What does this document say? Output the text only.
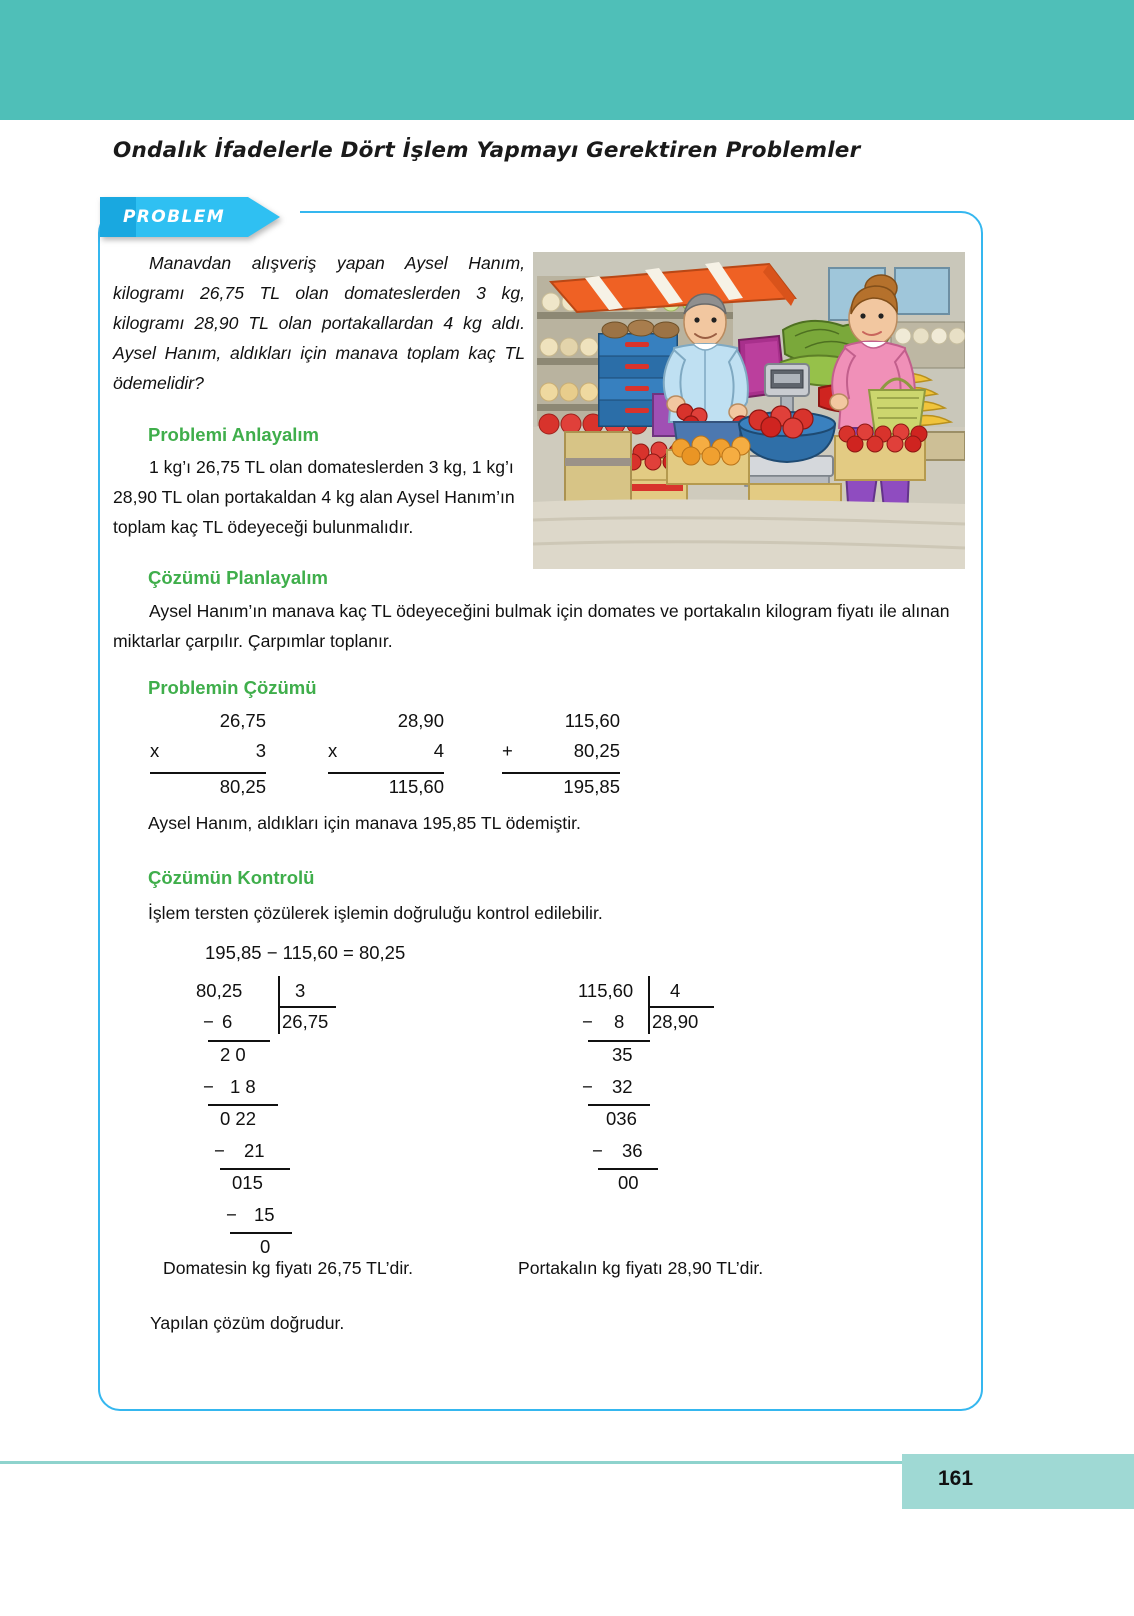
Ondalık İfadelerle Dört İşlem Yapmayı Gerektiren Problemler
PROBLEM

Manavdan alışveriş yapan Aysel Hanım, kilogramı 26,75 TL olan domateslerden 3 kg, kilogramı 28,90 TL olan portakallardan 4 kg aldı. Aysel Hanım, aldıkları için manava toplam kaç TL ödemelidir?

Problemi Anlayalım

1 kg’ı 26,75 TL olan domateslerden 3 kg, 1 kg’ı 28,90 TL olan portakaldan 4 kg alan Aysel Hanım’ın toplam kaç TL ödeyeceği bulunmalıdır.

Çözümü Planlayalım

Aysel Hanım’ın manava kaç TL ödeyeceğini bulmak için domates ve portakalın kilogram fiyatı ile alınan miktarlar çarpılır. Çarpımlar toplanır.

Problemin Çözümü
26,75
x	3
80,25
28,90
x	4
115,60
115,60
+	80,25
195,85
Aysel Hanım, aldıkları için manava 195,85 TL ödemiştir.
Çözümün Kontrolü
İşlem tersten çözülerek işlemin doğruluğu kontrol edilebilir.
195,85 − 115,60 = 80,25
80,25	3
26,75
− 6
2 0
− 1 8
0 22
− 21
015
− 15
0
115,60 4
28,90
− 8
35
− 32
036
− 36
00
Domatesin kg fiyatı 26,75 TL’dir.	Portakalın kg fiyatı 28,90 TL’dir.
Yapılan çözüm doğrudur.
161
